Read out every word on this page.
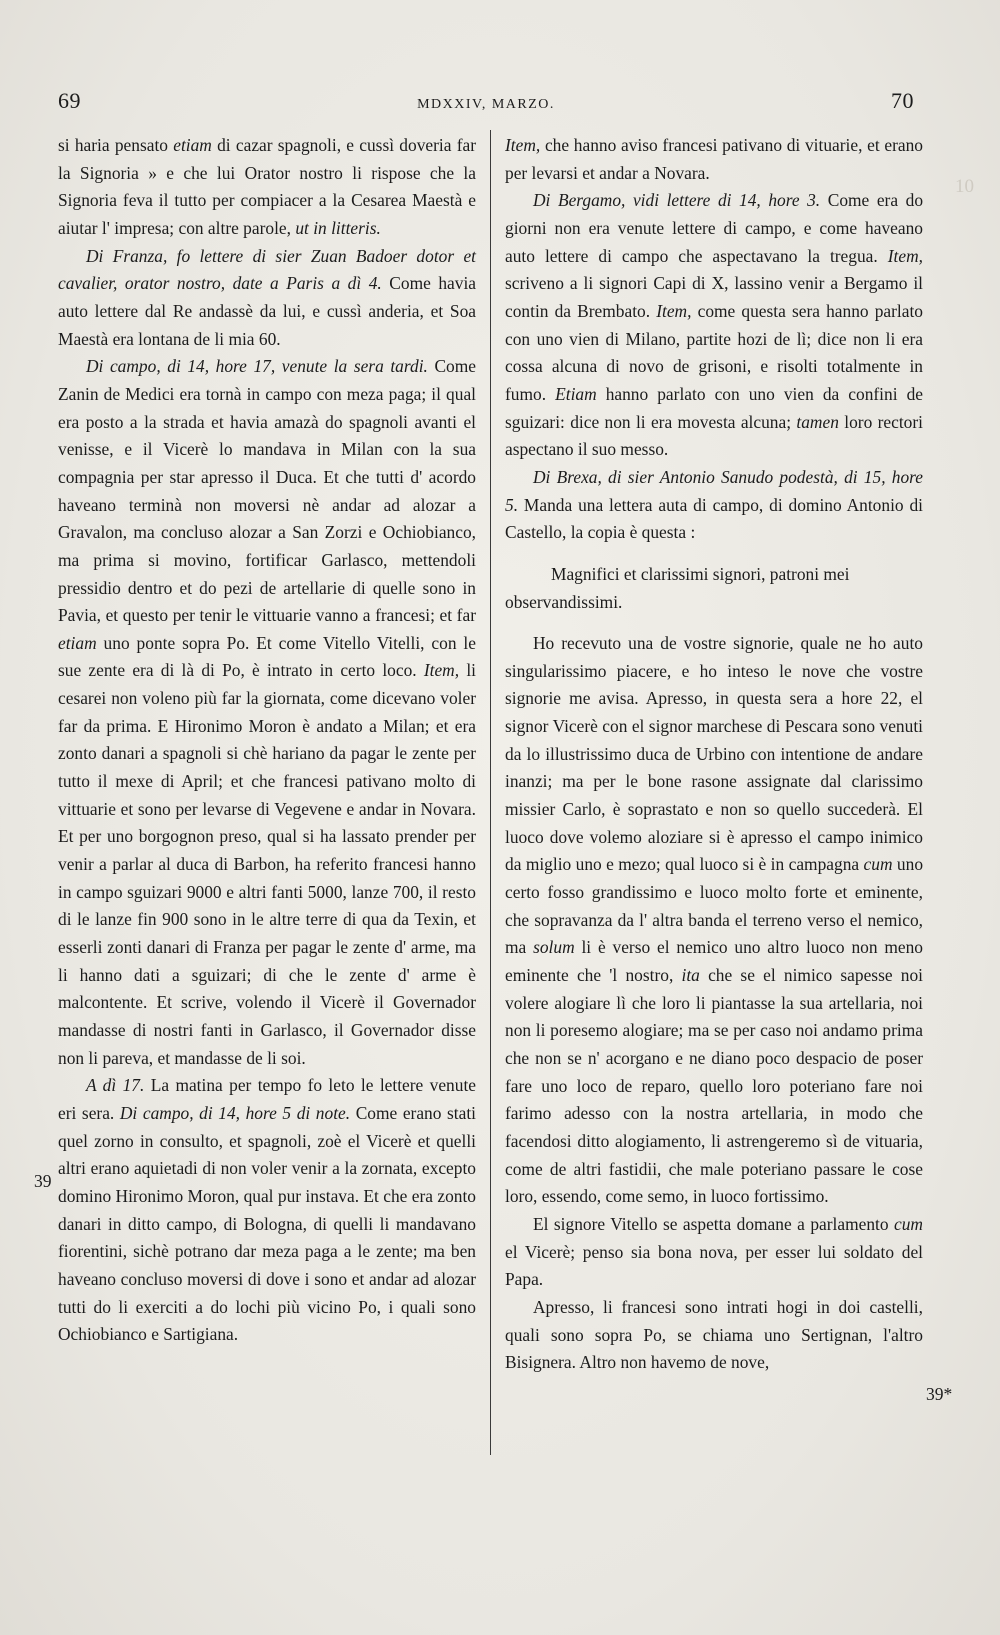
69	MDXXIV, MARZO.	70
10

si haria pensato etiam di cazar spagnoli, e cussì doveria far la Signoria » e che lui Orator nostro li rispose che la Signoria feva il tutto per compiacer a la Cesarea Maestà e aiutar l' impresa; con altre parole, ut in litteris.

Di Franza, fo lettere di sier Zuan Badoer dotor et cavalier, orator nostro, date a Paris a dì 4. Come havia auto lettere dal Re andassè da lui, e cussì anderia, et Soa Maestà era lontana de li mia 60.

Di campo, di 14, hore 17, venute la sera tardi. Come Zanin de Medici era tornà in campo con meza paga; il qual era posto a la strada et havia amazà do spagnoli avanti el venisse, e il Vicerè lo mandava in Milan con la sua compagnia per star apresso il Duca. Et che tutti d' acordo haveano terminà non moversi nè andar ad alozar a Gravalon, ma concluso alozar a San Zorzi e Ochiobianco, ma prima si movino, fortificar Garlasco, mettendoli pressidio dentro et do pezi de artellarie di quelle sono in Pavia, et questo per tenir le vittuarie vanno a francesi; et far etiam uno ponte sopra Po. Et come Vitello Vitelli, con le sue zente era di là di Po, è intrato in certo loco. Item, li cesarei non voleno più far la giornata, come dicevano voler far da prima. E Hironimo Moron è andato a Milan; et era zonto danari a spagnoli si chè hariano da pagar le zente per tutto il mexe di April; et che francesi pativano molto di vittuarie et sono per levarse di Vegevene e andar in Novara. Et per uno borgognon preso, qual si ha lassato prender per venir a parlar al duca di Barbon, ha referito francesi hanno in campo sguizari 9000 e altri fanti 5000, lanze 700, il resto di le lanze fin 900 sono in le altre terre di qua da Texin, et esserli zonti danari di Franza per pagar le zente d' arme, ma li hanno dati a sguizari; di che le zente d' arme è malcontente. Et scrive, volendo il Vicerè il Governador mandasse di nostri fanti in Garlasco, il Governador disse non li pareva, et mandasse de li soi.

A dì 17. La matina per tempo fo leto le lettere venute eri sera. Di campo, di 14, hore 5 di note. Come erano stati quel zorno in consulto, et spagnoli, zoè el Vicerè et quelli altri erano aquietadi di non voler venir a la zornata, excepto domino Hironimo Moron, qual pur instava. Et che era zonto danari in ditto campo, di Bologna, di quelli li mandavano fiorentini, sichè potrano dar meza paga a le zente; ma ben haveano concluso moversi di dove i sono et andar ad alozar tutti do li exerciti a do lochi più vicino Po, i quali sono Ochiobianco e Sartigiana.

Item, che hanno aviso francesi pativano di vituarie, et erano per levarsi et andar a Novara.

Di Bergamo, vidi lettere di 14, hore 3. Come era do giorni non era venute lettere di campo, e come haveano auto lettere di campo che aspectavano la tregua. Item, scriveno a li signori Capi di X, lassino venir a Bergamo il contin da Brembato. Item, come questa sera hanno parlato con uno vien di Milano, partite hozi de lì; dice non li era cossa alcuna di novo de grisoni, e risolti totalmente in fumo. Etiam hanno parlato con uno vien da confini de sguizari: dice non li era movesta alcuna; tamen loro rectori aspectano il suo messo.

Di Brexa, di sier Antonio Sanudo podestà, di 15, hore 5. Manda una lettera auta di campo, di domino Antonio di Castello, la copia è questa :

Magnifici et clarissimi signori, patroni mei observandissimi.

Ho recevuto una de vostre signorie, quale ne ho auto singularissimo piacere, e ho inteso le nove che vostre signorie me avisa. Apresso, in questa sera a hore 22, el signor Vicerè con el signor marchese di Pescara sono venuti da lo illustrissimo duca de Urbino con intentione de andare inanzi; ma per le bone rasone assignate dal clarissimo missier Carlo, è soprastato e non so quello succederà. El luoco dove volemo aloziare si è apresso el campo inimico da miglio uno e mezo; qual luoco si è in campagna cum uno certo fosso grandissimo e luoco molto forte et eminente, che sopravanza da l' altra banda el terreno verso el nemico, ma solum li è verso el nemico uno altro luoco non meno eminente che 'l nostro, ita che se el nimico sapesse noi volere alogiare lì che loro li piantasse la sua artellaria, noi non li poresemo alogiare; ma se per caso noi andamo prima che non se n' acorgano e ne diano poco despacio de poser fare uno loco de reparo, quello loro poteriano fare noi farimo adesso con la nostra artellaria, in modo che facendosi ditto alogiamento, li astrengeremo sì de vituaria, come de altri fastidii, che male poteriano passare le cose loro, essendo, come semo, in luoco fortissimo.

El signore Vitello se aspetta domane a parlamento cum el Vicerè; penso sia bona nova, per esser lui soldato del Papa.

Apresso, li francesi sono intrati hogi in doi castelli, quali sono sopra Po, se chiama uno Sertignan, l'altro Bisignera. Altro non havemo de nove,

39
39*
